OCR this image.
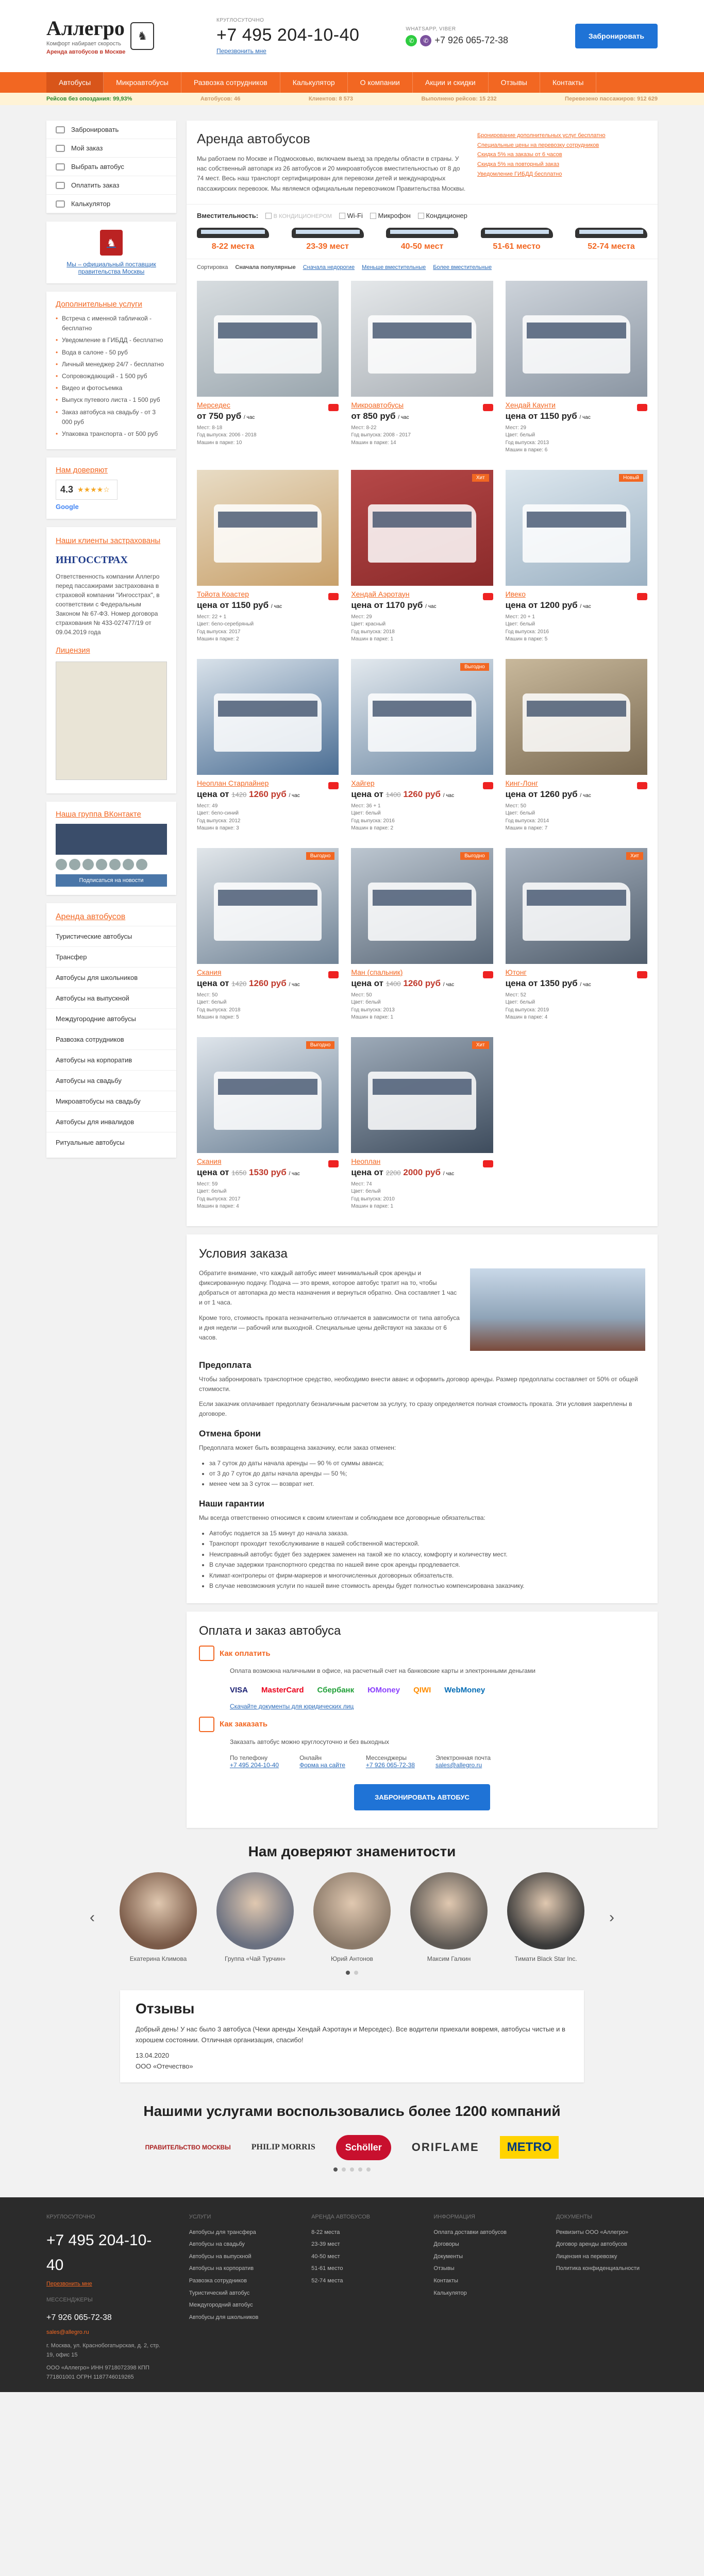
Аллегро
Комфорт набирает скорость
Аренда автобусов в Москве
♞
КРУГЛОСУТОЧНО
+7 495 204-10-40
Перезвонить мне
WHATSAPP, VIBER
✆	✆ +7 926 065-72-38	Забронировать
Автобусы	Микроавтобусы	Развозка сотрудников	Калькулятор	О компании	Акции и скидки	Отзывы	Контакты
Рейсов без опоздания: 99,93%	Автобусов: 46	Клиентов: 8 573	Выполнено рейсов: 15 232	Перевезено пассажиров: 912 629
Забронировать
Мой заказ
Выбрать автобус
Оплатить заказ
Калькулятор
♞
Мы – официальный поставщик правительства Москвы
Дополнительные услуги
• Встреча с именной табличкой - бесплатно
• Уведомление в ГИБДД - бесплатно
• Вода в салоне - 50 руб
• Личный менеджер 24/7 - бесплатно
• Сопровождающий - 1 500 руб
• Видео и фотосъемка
• Выпуск путевого листа - 1 500 руб
• Заказ автобуса на свадьбу - от 3 000 руб
• Упаковка транспорта - от 500 руб
Нам доверяют
4.3 ★★★★☆
Google
Наши клиенты застрахованы
ИНГОССТРАХ
Ответственность компании Аллегро перед пассажирами застрахована в страховой компании "Ингосстрах", в соответствии с Федеральным Законом № 67-ФЗ. Номер договора страхования № 433-027477/19 от 09.04.2019 года
Лицензия
Наша группа ВКонтакте
Подписаться на новости
Аренда автобусов
Туристические автобусы
Трансфер
Автобусы для школьников
Автобусы на выпускной
Междугородние автобусы
Развозка сотрудников
Автобусы на корпоратив
Автобусы на свадьбу
Микроавтобусы на свадьбу
Автобусы для инвалидов
Ритуальные автобусы
Аренда автобусов

Мы работаем по Москве и Подмосковью, включаем выезд за пределы области в страны. У нас собственный автопарк из 26 автобусов и 20 микроавтобусов вместительностью от 8 до 74 мест. Весь наш транспорт сертифицирован для перевозки детей и международных пассажирских перевозок. Мы являемся официальным перевозчиком Правительства Москвы.

Бронирование дополнительных услуг бесплатно
Специальные цены на перевозку сотрудников
Скидка 5% на заказы от 6 часов
Скидка 5% на повторный заказ
Уведомление ГИБДД бесплатно
Вместительность:	В КОНДИЦИОНЕРОМ	Wi-Fi	Микрофон	Кондиционер
8-22 места	23-39 мест	40-50 мест	51-61 место	52-74 места
Сортировка Сначала популярные Сначала недорогие Меньше вместительные Более вместительные
Мерседес
от 750 руб / час
Мест: 8-18
Год выпуска: 2006 - 2018
Машин в парке: 10
Микроавтобусы
от 850 руб / час
Мест: 8-22
Год выпуска: 2008 - 2017
Машин в парке: 14
Хендай Каунти
цена от 1150 руб / час
Мест: 29
Цвет: белый
Год выпуска: 2013
Машин в парке: 6
Тойота Коастер
цена от 1150 руб / час
Мест: 22 + 1
Цвет: бело-серебряный
Год выпуска: 2017
Машин в парке: 2
Хит
Хендай Аэротаун
цена от 1170 руб / час
Мест: 29
Цвет: красный
Год выпуска: 2018
Машин в парке: 1
Новый
Ивеко
цена от 1200 руб / час
Мест: 20 + 1
Цвет: белый
Год выпуска: 2016
Машин в парке: 5
Неоплан Старлайнер
цена от 1420 1260 руб / час
Мест: 49
Цвет: бело-синий
Год выпуска: 2012
Машин в парке: 3
Выгодно
Хайгер
цена от 1400 1260 руб / час
Мест: 36 + 1
Цвет: белый
Год выпуска: 2016
Машин в парке: 2
Кинг-Лонг
цена от 1260 руб / час
Мест: 50
Цвет: белый
Год выпуска: 2014
Машин в парке: 7
Выгодно
Скания
цена от 1420 1260 руб / час
Мест: 50
Цвет: белый
Год выпуска: 2018
Машин в парке: 5
Выгодно
Ман (спальник)
цена от 1400 1260 руб / час
Мест: 50
Цвет: белый
Год выпуска: 2013
Машин в парке: 1
Хит
Ютонг
цена от 1350 руб / час
Мест: 52
Цвет: белый
Год выпуска: 2019
Машин в парке: 4
Выгодно
Скания
цена от 1650 1530 руб / час
Мест: 59
Цвет: белый
Год выпуска: 2017
Машин в парке: 4
Хит
Неоплан
цена от 2200 2000 руб / час
Мест: 74
Цвет: белый
Год выпуска: 2010
Машин в парке: 1
Условия заказа

Обратите внимание, что каждый автобус имеет минимальный срок аренды и фиксированную подачу. Подача — это время, которое автобус тратит на то, чтобы добраться от автопарка до места назначения и вернуться обратно. Она составляет 1 час и от 1 часа.

Кроме того, стоимость проката незначительно отличается в зависимости от типа автобуса и дня недели — рабочий или выходной. Специальные цены действуют на заказы от 6 часов.

Предоплата

Чтобы забронировать транспортное средство, необходимо внести аванс и оформить договор аренды. Размер предоплаты составляет от 50% от общей стоимости.

Если заказчик оплачивает предоплату безналичным расчетом за услугу, то сразу определяется полная стоимость проката. Эти условия закреплены в договоре.

Отмена брони

Предоплата может быть возвращена заказчику, если заказ отменен:

• за 7 суток до даты начала аренды — 90 % от суммы аванса;
• от 3 до 7 суток до даты начала аренды — 50 %;
• менее чем за 3 суток — возврат нет.
Наши гарантии

Мы всегда ответственно относимся к своим клиентам и соблюдаем все договорные обязательства:

• Автобус подается за 15 минут до начала заказа.
• Транспорт проходит техобслуживание в нашей собственной мастерской.
• Неисправный автобус будет без задержек заменен на такой же по классу, комфорту и количеству мест.
• В случае задержки транспортного средства по нашей вине срок аренды продлевается.
• Климат-контролеры от фирм-маркеров и многочисленных договорных обязательств.
• В случае невозможния услуги по нашей вине стоимость аренды будет полностью компенсирована заказчику.
Оплата и заказ автобуса
Как оплатить

Оплата возможна наличными в офисе, на расчетный счет на банковские карты и электронными деньгами

VISA MasterCard Сбербанк ЮMoney QIWI WebMoney

Скачайте документы для юридических лиц

Как заказать

Заказать автобус можно круглосуточно и без выходных

По телефону
+7 495 204-10-40
Онлайн
Форма на сайте
Мессенджеры
+7 926 065-72-38
Электронная почта
sales@allegro.ru
ЗАБРОНИРОВАТЬ АВТОБУС
Нам доверяют знаменитости
‹
Екатерина Климова	Группа «Чай Турчин»	Юрий Антонов	Максим Галкин	Тимати Black Star Inc.
›
Отзывы

Добрый день! У нас было 3 автобуса (Чеки аренды Хендай Аэротаун и Мерседес). Все водители приехали вовремя, автобусы чистые и в хорошем состоянии. Отличная организация, спасибо!

13.04.2020

ООО «Отечество»

Нашими услугами воспользовались более 1200 компаний
ПРАВИТЕЛЬСТВО МОСКВЫ	PHILIP MORRIS	Schöller	ORIFLAME	METRO
КРУГЛОСУТОЧНО
+7 495 204-10-40
Перезвонить мне
МЕССЕНДЖЕРЫ
+7 926 065-72-38
sales@allegro.ru
г. Москва, ул. Краснобогатырская, д. 2, стр. 19, офис 15
ООО «Аллегро» ИНН 9718072398 КПП 771801001 ОГРН 1187746019265
УСЛУГИ
Автобусы для трансфера
Автобусы на свадьбу
Автобусы на выпускной
Автобусы на корпоратив
Развозка сотрудников
Туристический автобус
Междугородний автобус
Автобусы для школьников
АРЕНДА АВТОБУСОВ
8-22 места
23-39 мест
40-50 мест
51-61 место
52-74 места
ИНФОРМАЦИЯ
Оплата доставки автобусов
Договоры
Документы
Отзывы
Контакты
Калькулятор
ДОКУМЕНТЫ
Реквизиты ООО «Аллегро»
Договор аренды автобусов
Лицензия на перевозку
Политика конфиденциальности
